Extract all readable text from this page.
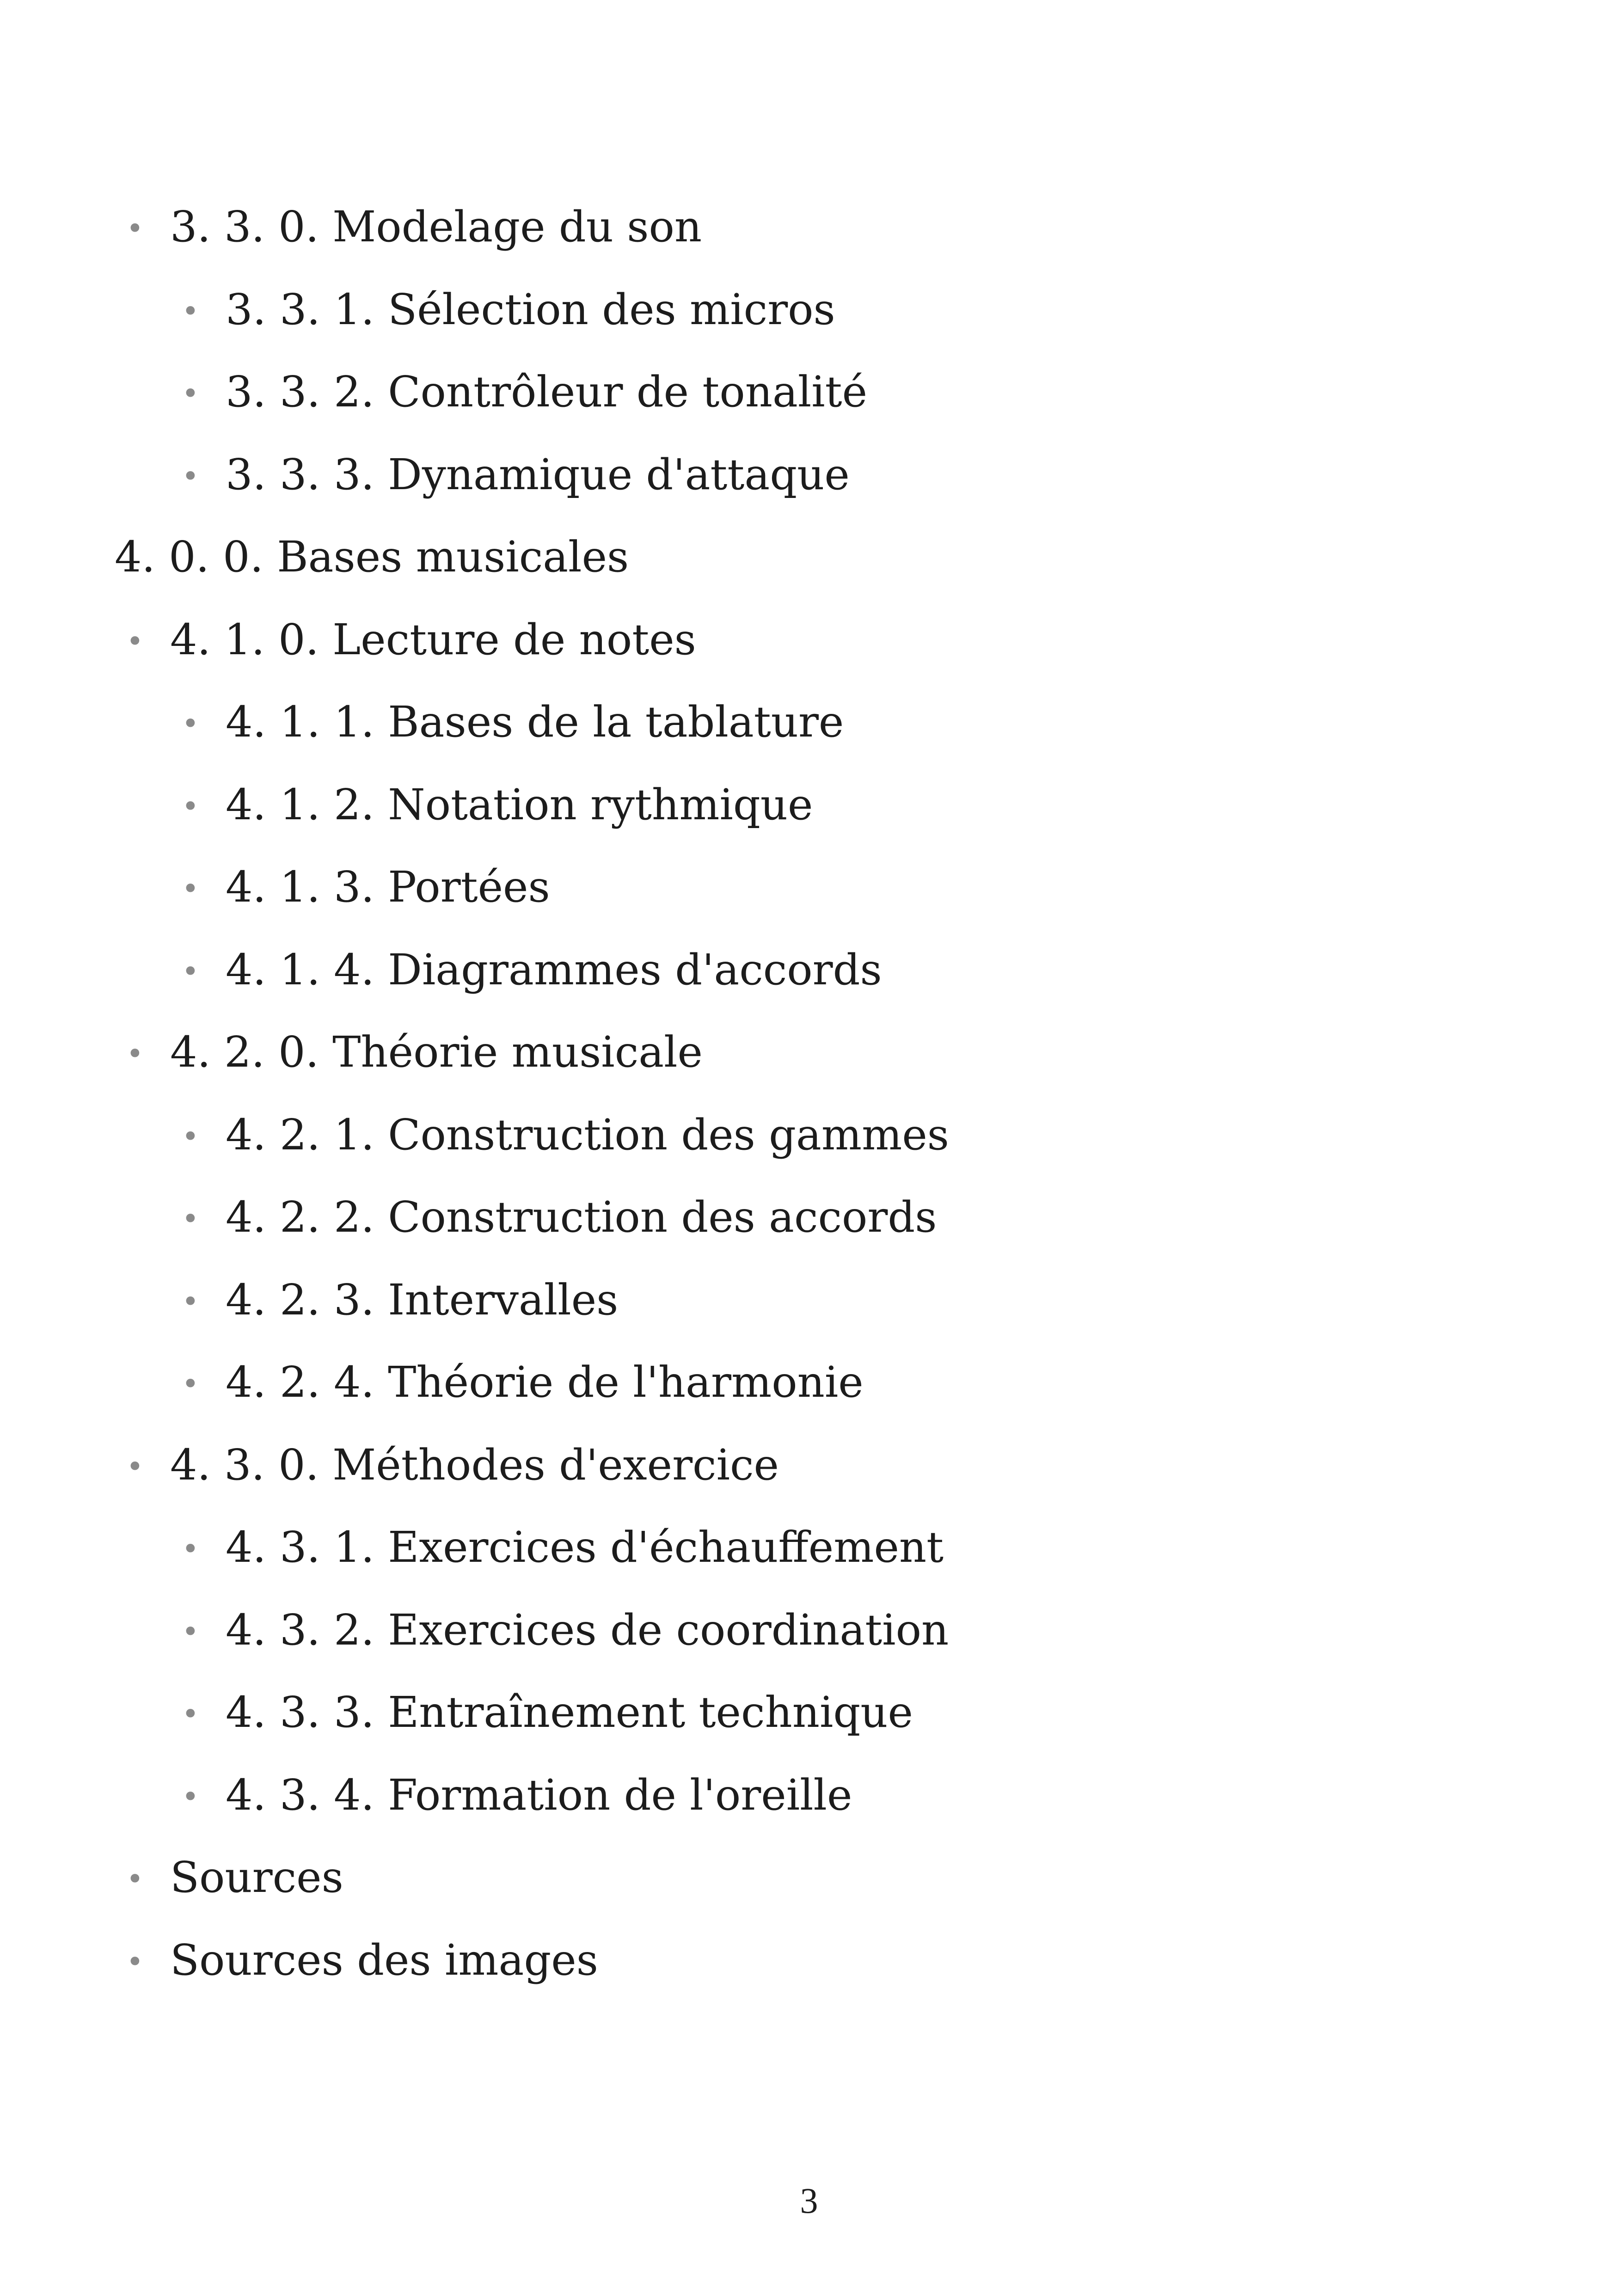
• 3. 3. 0. Modelage du son
• 3. 3. 1. Sélection des micros
• 3. 3. 2. Contrôleur de tonalité
• 3. 3. 3. Dynamique d'attaque
4. 0. 0. Bases musicales
• 4. 1. 0. Lecture de notes
• 4. 1. 1. Bases de la tablature
• 4. 1. 2. Notation rythmique
• 4. 1. 3. Portées
• 4. 1. 4. Diagrammes d'accords
• 4. 2. 0. Théorie musicale
• 4. 2. 1. Construction des gammes
• 4. 2. 2. Construction des accords
• 4. 2. 3. Intervalles
• 4. 2. 4. Théorie de l'harmonie
• 4. 3. 0. Méthodes d'exercice
• 4. 3. 1. Exercices d'échauffement
• 4. 3. 2. Exercices de coordination
• 4. 3. 3. Entraînement technique
• 4. 3. 4. Formation de l'oreille
• Sources
• Sources des images
3
